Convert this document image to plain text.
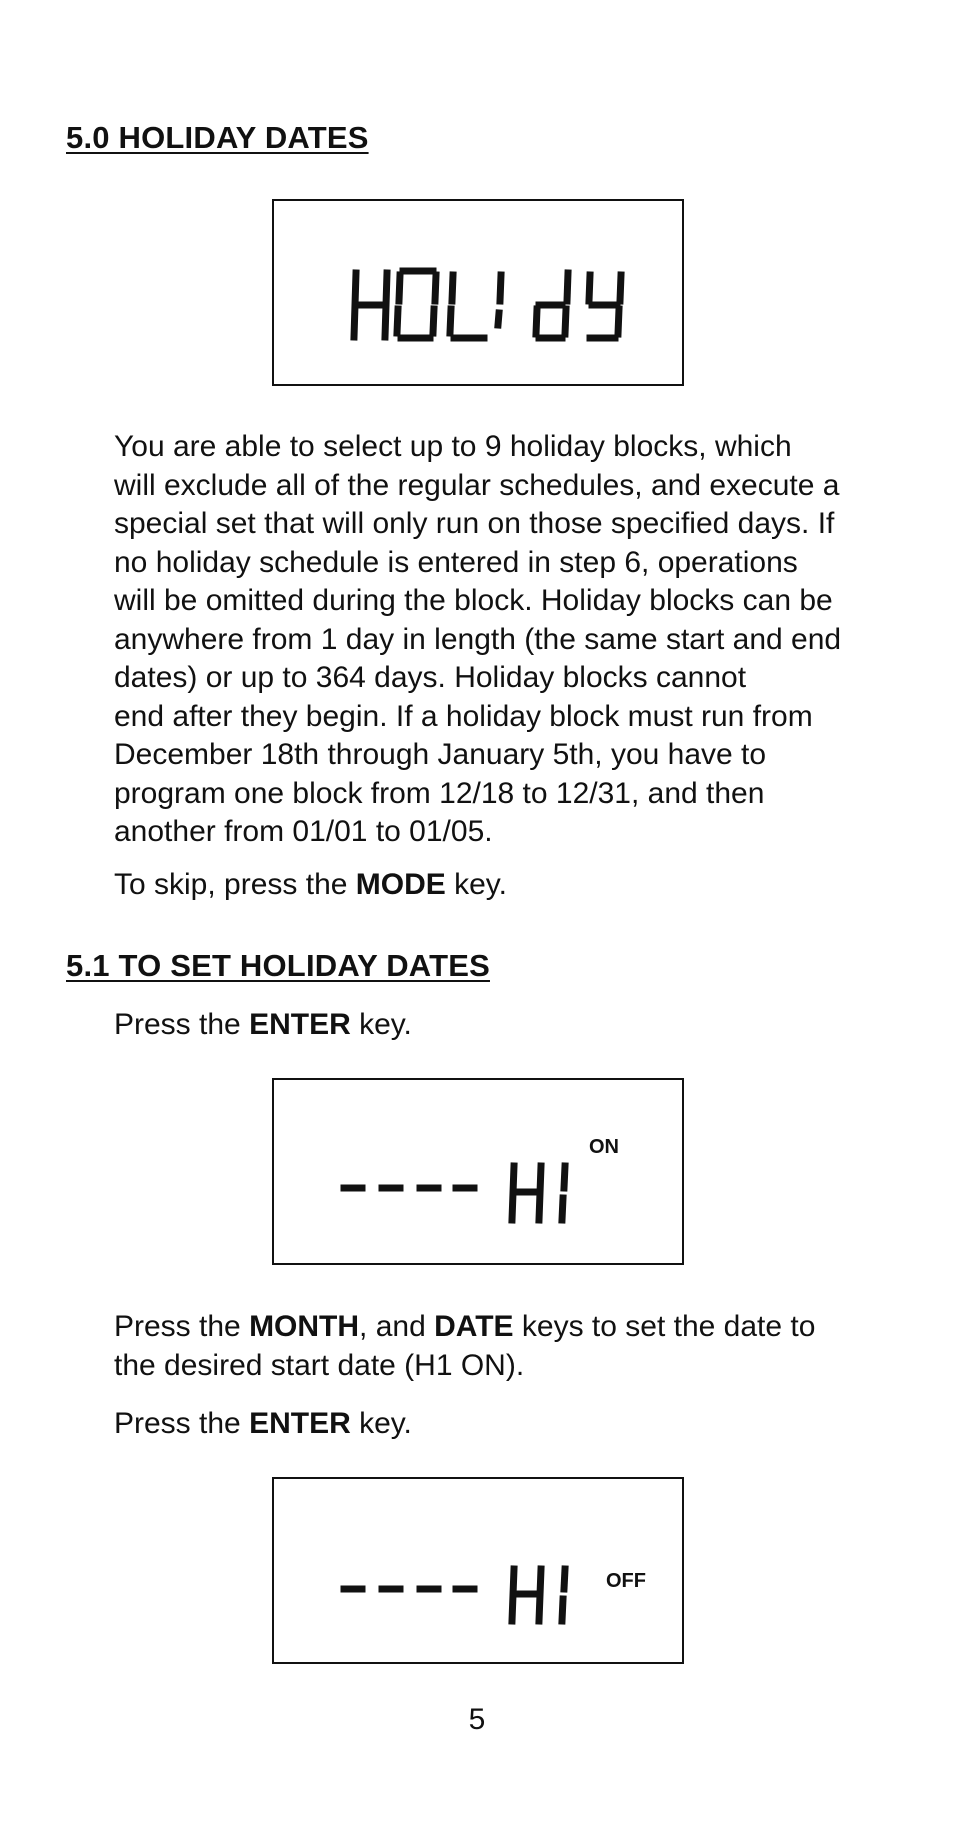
5.0 HOLIDAY DATES

You are able to select up to 9 holiday blocks, which
will exclude all of the regular schedules, and execute a
special set that will only run on those specified days. If
no holiday schedule is entered in step 6, operations
will be omitted during the block. Holiday blocks can be
anywhere from 1 day in length (the same start and end
dates) or up to 364 days. Holiday blocks cannot
end after they begin. If a holiday block must run from
December 18th through January 5th, you have to
program one block from 12/18 to 12/31, and then
another from 01/01 to 01/05.

To skip, press the MODE key.

5.1 TO SET HOLIDAY DATES

Press the ENTER key.

ON

Press the MONTH, and DATE keys to set the date to
the desired start date (H1 ON).

Press the ENTER key.

OFF
5
